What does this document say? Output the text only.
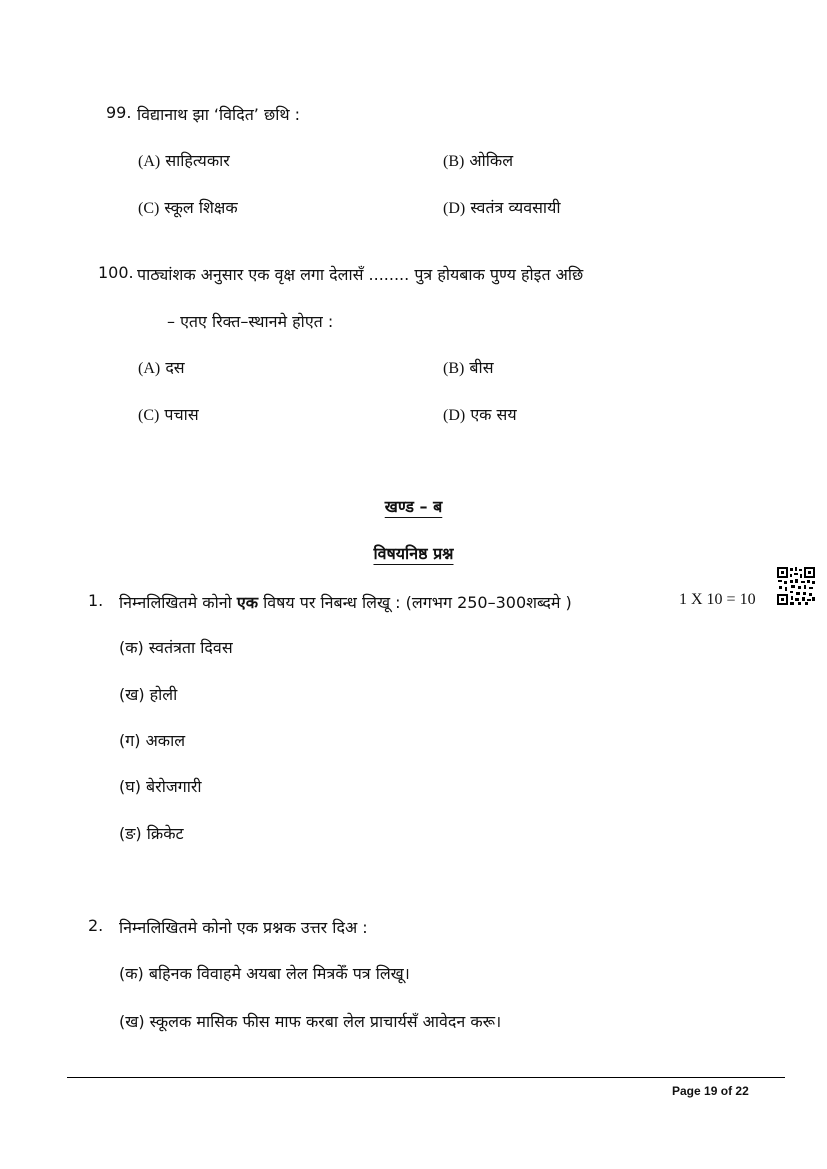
99. विद्यानाथ झा ‘विदित’ छथि :
(A) साहित्यकार	(B) ओकिल
(C) स्कूल शिक्षक	(D) स्वतंत्र व्यवसायी
100. पाठ्यांशक अनुसार एक वृक्ष लगा देलासँ ........ पुत्र होयबाक पुण्य होइत अछि
– एतए रिक्त–स्थानमे होएत :
(A) दस	(B) बीस
(C) पचास	(D) एक सय
खण्ड – ब
विषयनिष्ठ प्रश्न
1. निम्नलिखितमे कोनो एक विषय पर निबन्ध लिखू : (लगभग 250–300शब्दमे )	1 X 10 = 10
(क) स्वतंत्रता दिवस
(ख) होली
(ग) अकाल
(घ) बेरोजगारी
(ङ) क्रिकेट
2. निम्नलिखितमे कोनो एक प्रश्नक उत्तर दिअ :
(क) बहिनक विवाहमे अयबा लेल मित्रकेँ पत्र लिखू।
(ख) स्कूलक मासिक फीस माफ करबा लेल प्राचार्यसँ आवेदन करू।
Page 19 of 22
